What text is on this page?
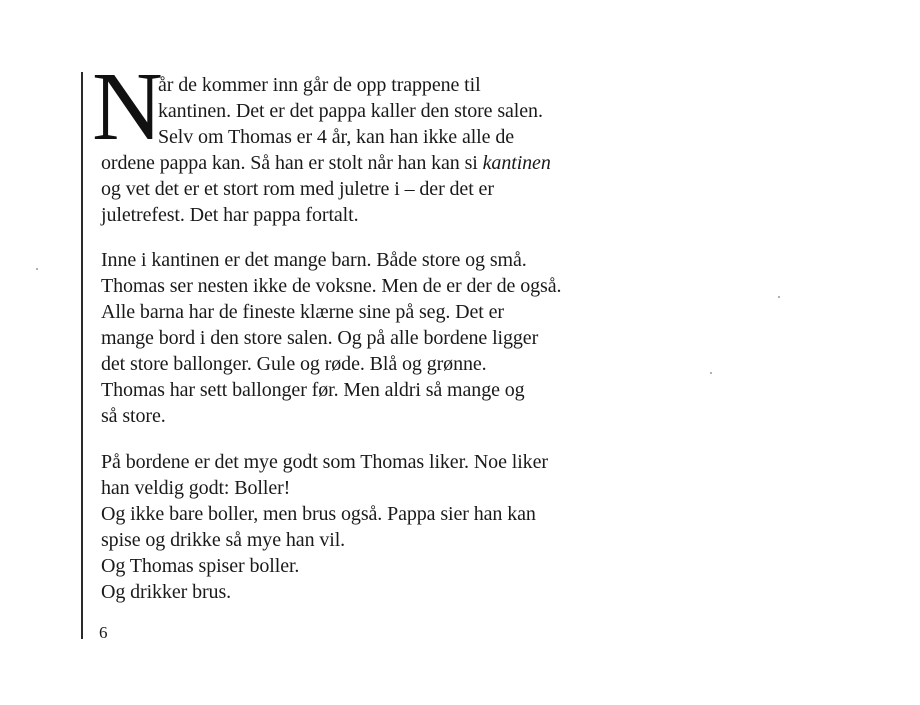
N
år de kommer inn går de opp trappene til
kantinen. Det er det pappa kaller den store salen.
Selv om Thomas er 4 år, kan han ikke alle de
ordene pappa kan. Så han er stolt når han kan si kantinen
og vet det er et stort rom med juletre i – der det er
juletrefest. Det har pappa fortalt.
Inne i kantinen er det mange barn. Både store og små.
Thomas ser nesten ikke de voksne. Men de er der de også.
Alle barna har de fineste klærne sine på seg. Det er
mange bord i den store salen. Og på alle bordene ligger
det store ballonger. Gule og røde. Blå og grønne.
Thomas har sett ballonger før. Men aldri så mange og
så store.
På bordene er det mye godt som Thomas liker. Noe liker
han veldig godt: Boller!
Og ikke bare boller, men brus også. Pappa sier han kan
spise og drikke så mye han vil.
Og Thomas spiser boller.
Og drikker brus.
6
